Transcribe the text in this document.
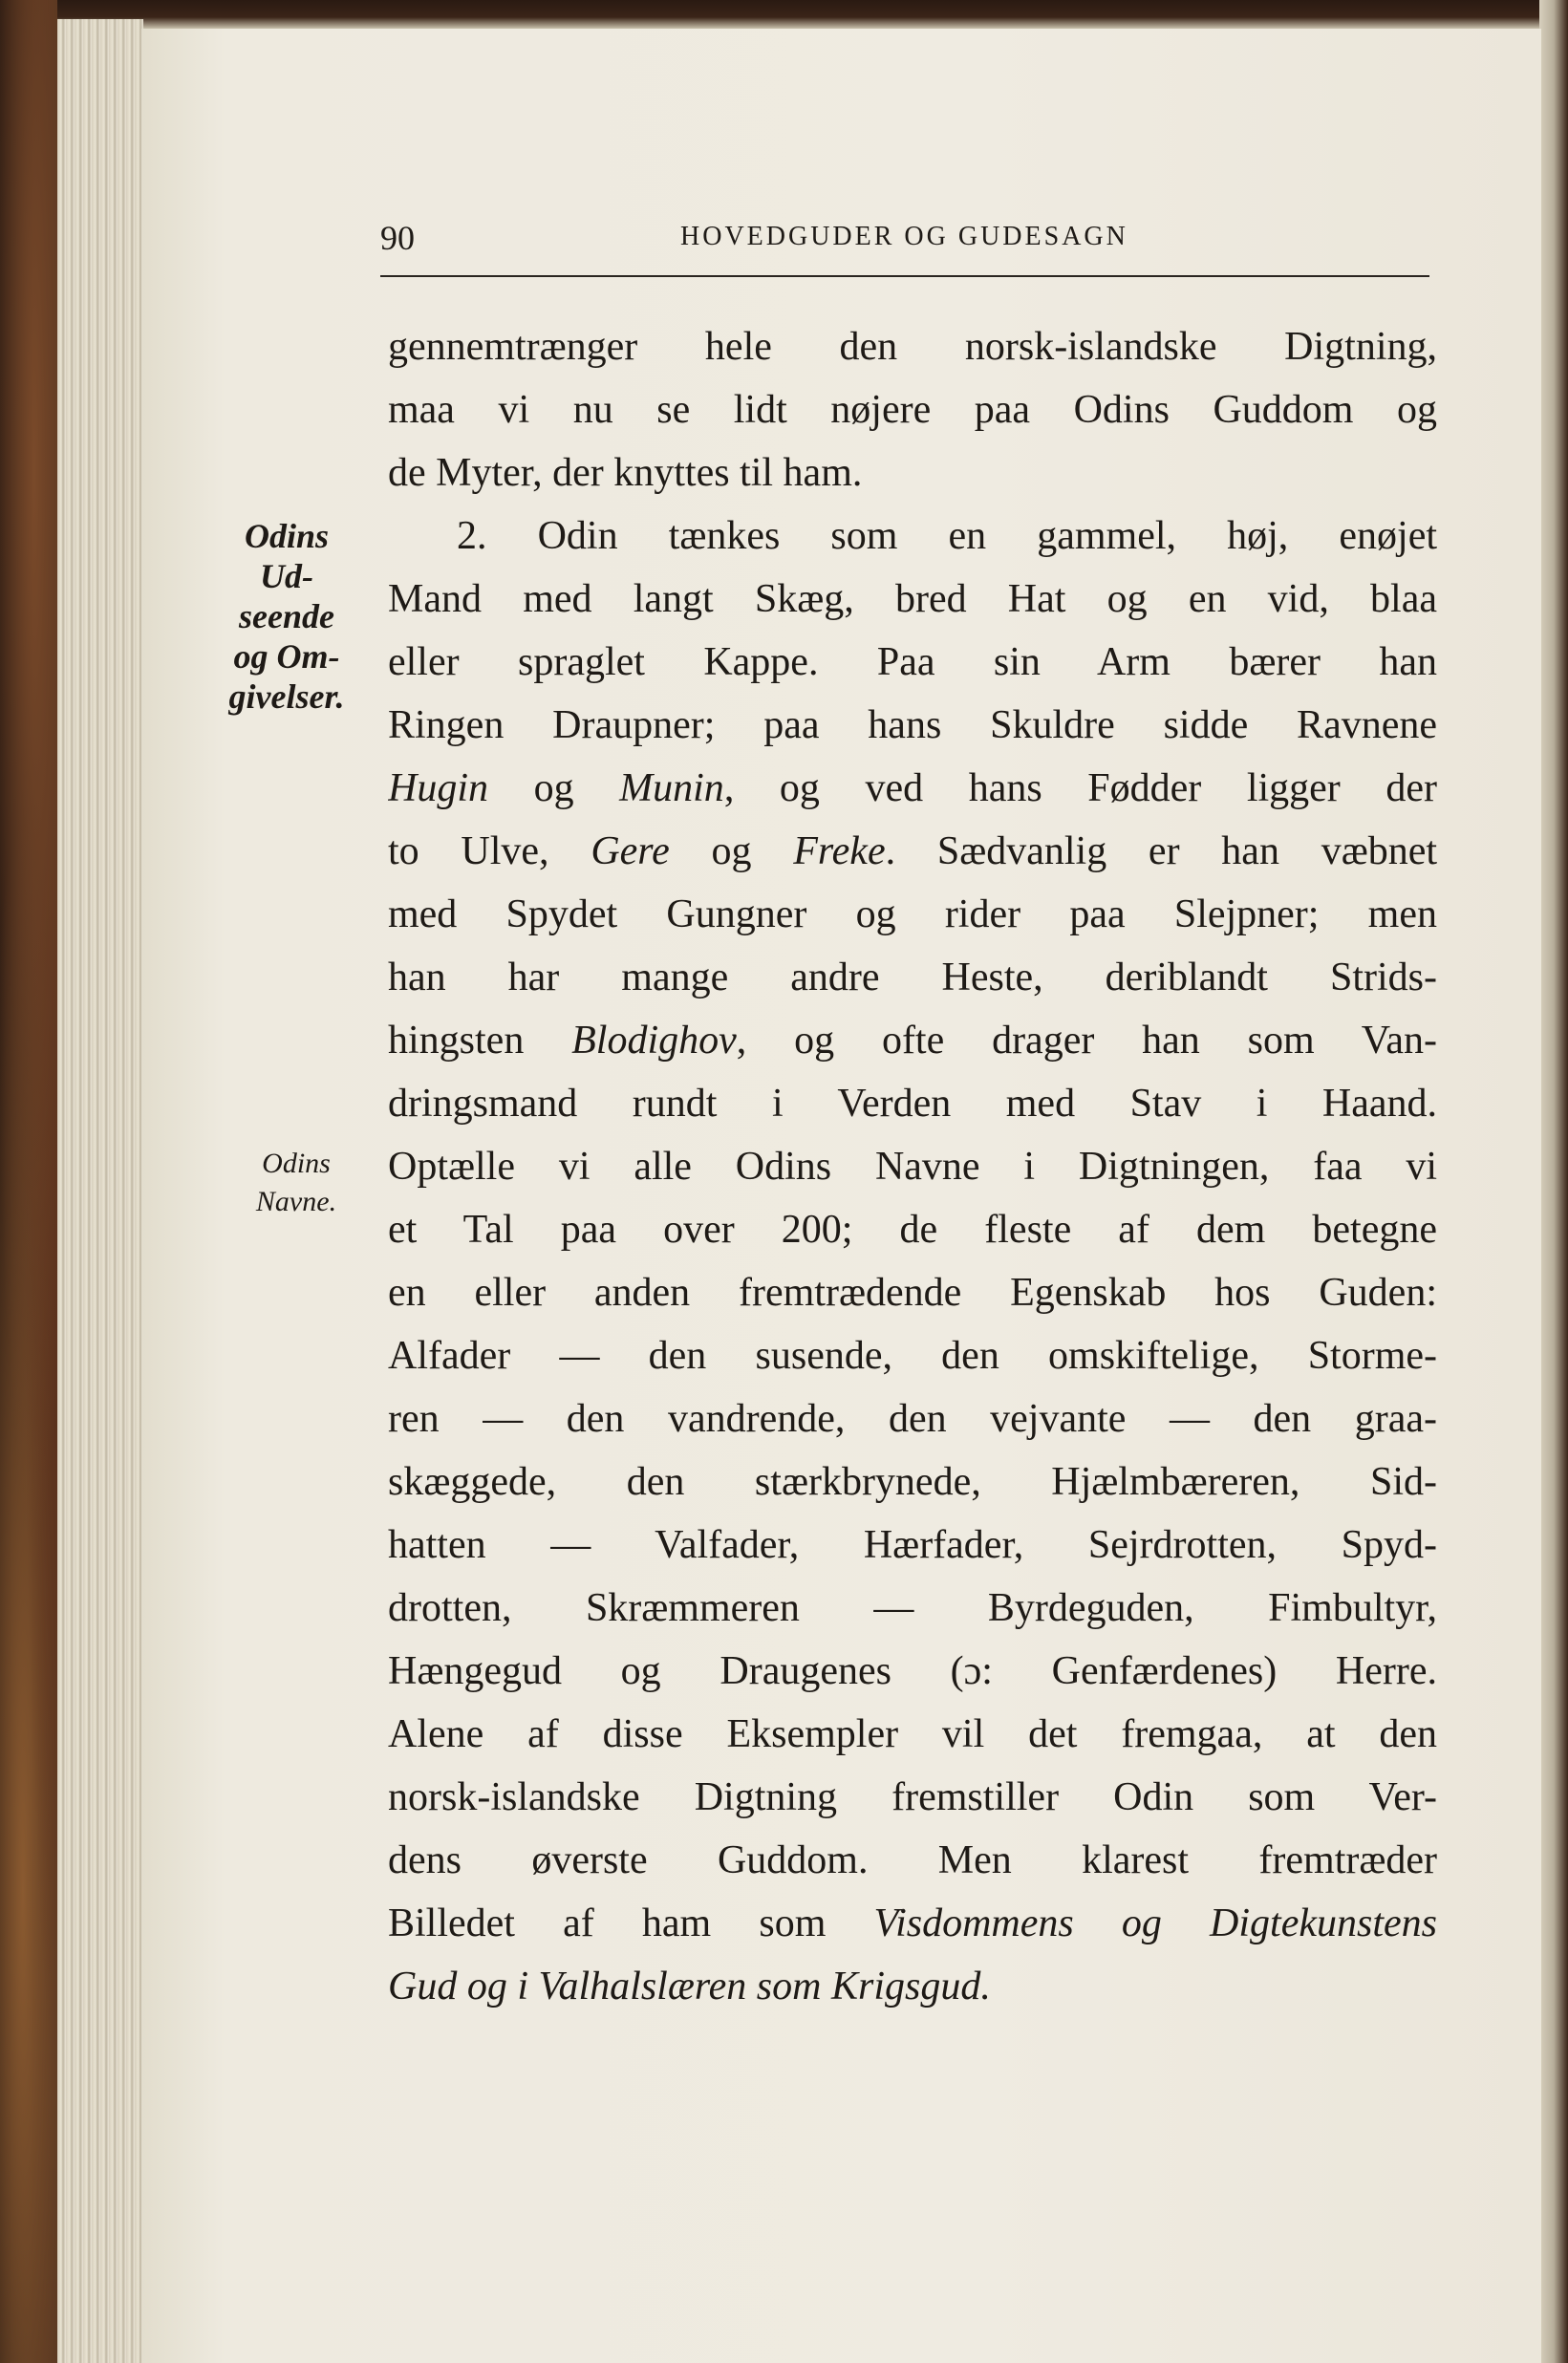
90	HOVEDGUDER OG GUDESAGN
Odins
Ud-
seende
og Om-
givelser.
Odins
Navne.
gennemtrænger hele den norsk-islandske Digtning,
maa vi nu se lidt nøjere paa Odins Guddom og
de Myter, der knyttes til ham.
2. Odin tænkes som en gammel, høj, enøjet
Mand med langt Skæg, bred Hat og en vid, blaa
eller spraglet Kappe. Paa sin Arm bærer han
Ringen Draupner; paa hans Skuldre sidde Ravnene
Hugin og Munin, og ved hans Fødder ligger der
to Ulve, Gere og Freke. Sædvanlig er han væbnet
med Spydet Gungner og rider paa Slejpner; men
han har mange andre Heste, deriblandt Strids-
hingsten Blodighov, og ofte drager han som Van-
dringsmand rundt i Verden med Stav i Haand.
Optælle vi alle Odins Navne i Digtningen, faa vi
et Tal paa over 200; de fleste af dem betegne
en eller anden fremtrædende Egenskab hos Guden:
Alfader — den susende, den omskiftelige, Storme-
ren — den vandrende, den vejvante — den graa-
skæggede, den stærkbrynede, Hjælmbæreren, Sid-
hatten — Valfader, Hærfader, Sejrdrotten, Spyd-
drotten, Skræmmeren — Byrdeguden, Fimbultyr,
Hængegud og Draugenes (ɔ: Genfærdenes) Herre.
Alene af disse Eksempler vil det fremgaa, at den
norsk-islandske Digtning fremstiller Odin som Ver-
dens øverste Guddom. Men klarest fremtræder
Billedet af ham som Visdommens og Digtekunstens
Gud og i Valhalslæren som Krigsgud.
